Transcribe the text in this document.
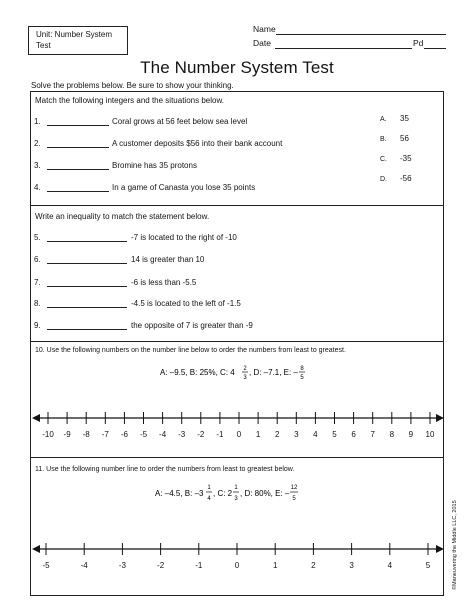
Unit: Number System
Test
Name
Date	Pd
The Number System Test
Solve the problems below. Be sure to show your thinking.
Match the following integers and the situations below.
1.	Coral grows at 56 feet below sea level
2.	A customer deposits $56 into their bank account
3.	Bromine has 35 protons
4.	In a game of Canasta you lose 35 points
A. 35
B. 56
C. -35
D. -56
Write an inequality to match the statement below.
5.	-7 is located to the right of -10
6.	14 is greater than 10
7.	-6 is less than -5.5
8.	-4.5 is located to the left of -1.5
9.	the opposite of 7 is greater than -9
10. Use the following numbers on the number line below to order the numbers from least to greatest.
A: –9.5, B: 25%, C: 4 2
3
, D: –7.1, E: – 8
5
-10 -9 -8 -7 -6 -5 -4 -3 -2 -1 0 1 2 3 4 5 6 7 8 9 10
11. Use the following number line to order the numbers from least to greatest below.
A: –4.5, B: –3
1
4
, C: 2
1
3
, D: 80%, E: –
12
5
-5	-4	-3	-2	-1	0	1	2	3	4	5	©Maneuvering the Middle LLC, 2015
